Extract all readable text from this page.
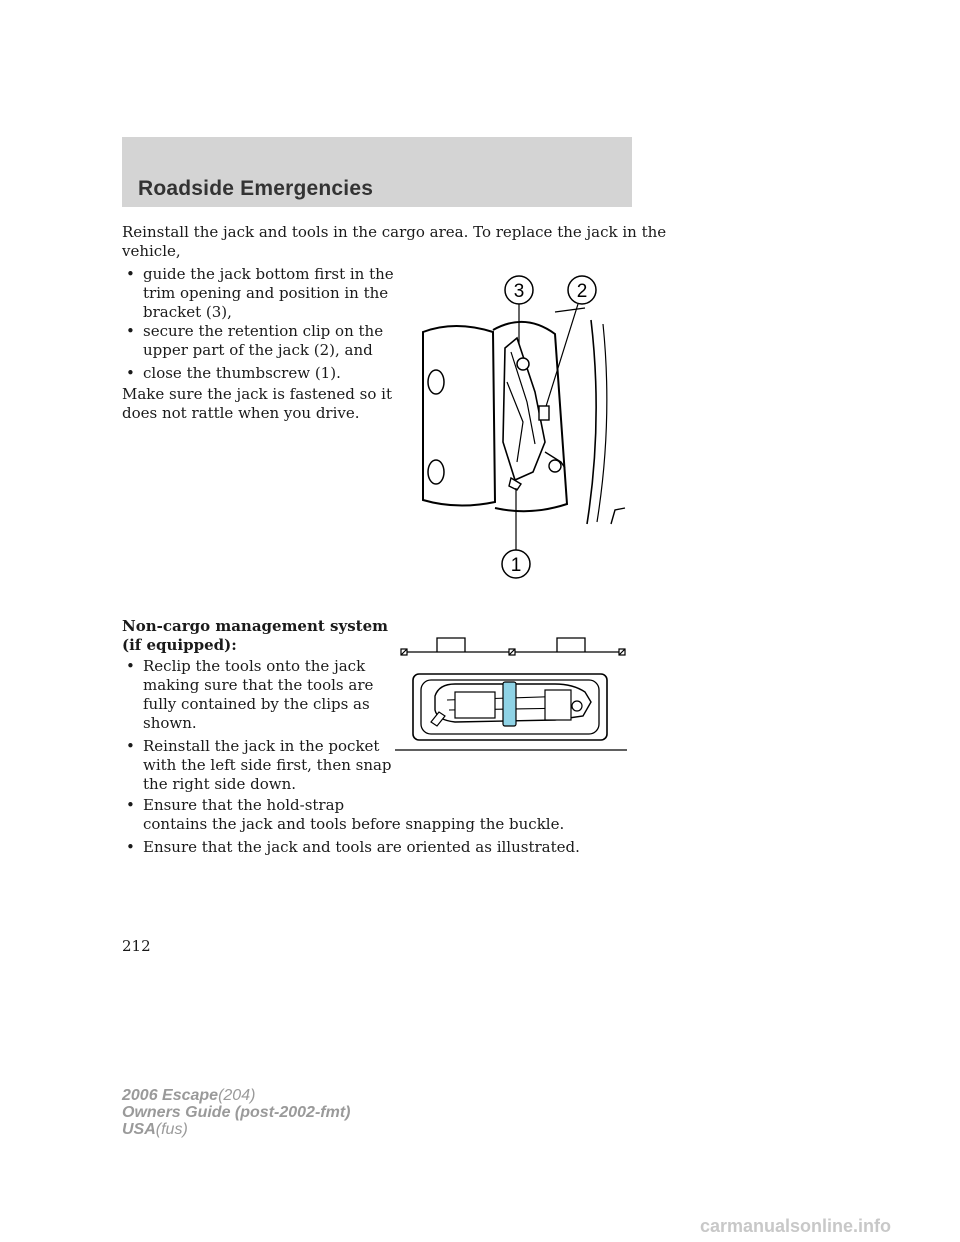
Roadside Emergencies

Reinstall the jack and tools in the cargo area. To replace the jack in the

vehicle,

• guide the jack bottom first in the

trim opening and position in the

bracket (3),

• secure the retention clip on the

upper part of the jack (2), and

• close the thumbscrew (1).

Make sure the jack is fastened so it

does not rattle when you drive.

3	2
1

Non-cargo management system

(if equipped):

• Reclip the tools onto the jack

making sure that the tools are

fully contained by the clips as

shown.

• Reinstall the jack in the pocket

with the left side first, then snap

the right side down.

• Ensure that the hold-strap

contains the jack and tools before snapping the buckle.

• Ensure that the jack and tools are oriented as illustrated.

212
2006 Escape(204)
Owners Guide (post-2002-fmt)
USA(fus)
carmanualsonline.info
